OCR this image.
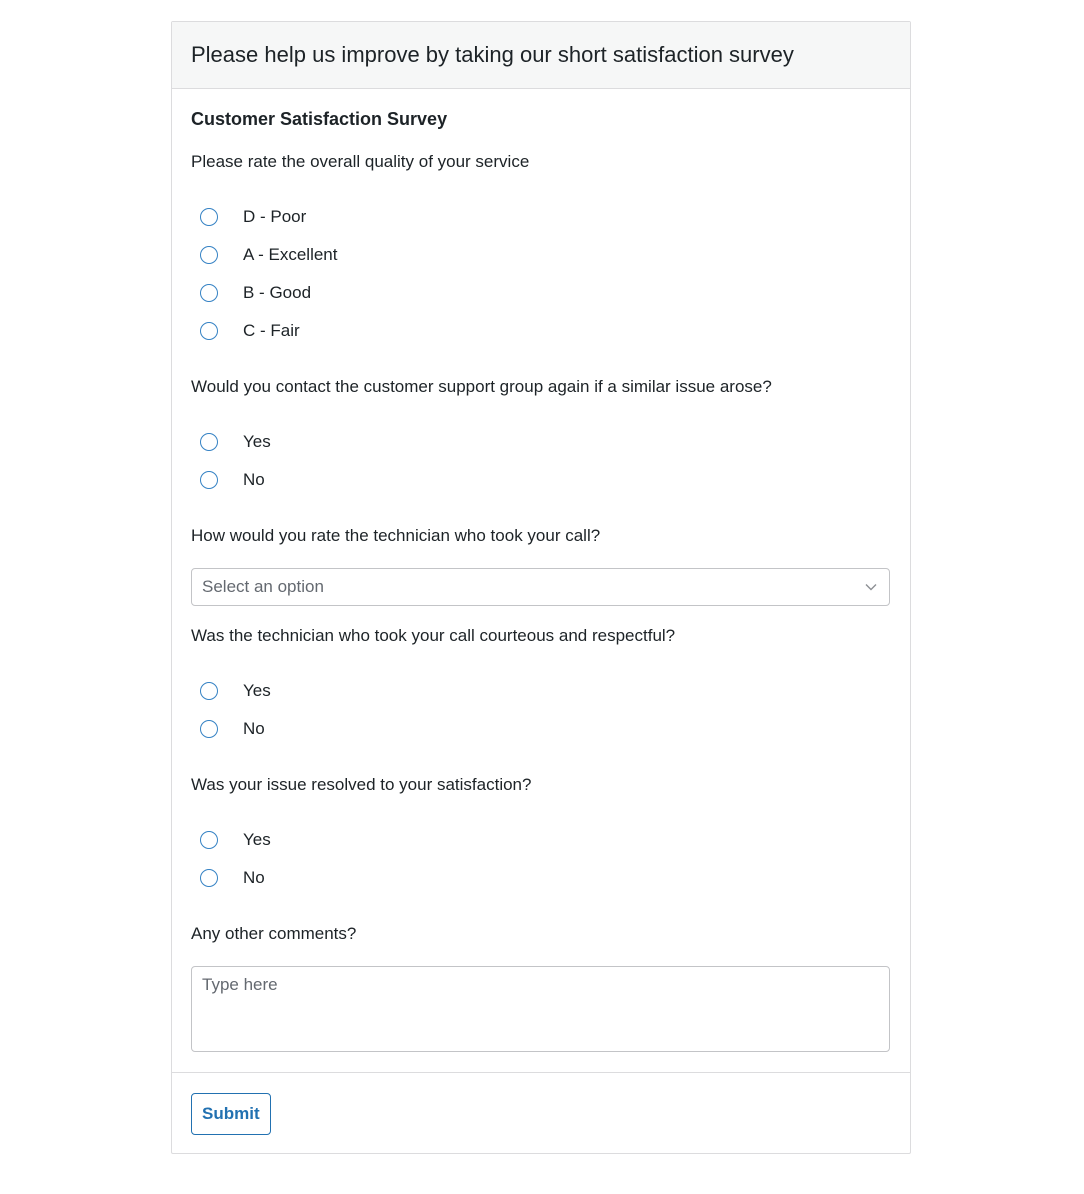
Please help us improve by taking our short satisfaction survey
Customer Satisfaction Survey
Please rate the overall quality of your service
D - Poor
A - Excellent
B - Good
C - Fair
Would you contact the customer support group again if a similar issue arose?
Yes
No
How would you rate the technician who took your call?
Select an option
Was the technician who took your call courteous and respectful?
Yes
No
Was your issue resolved to your satisfaction?
Yes
No
Any other comments?
Type here
Submit
